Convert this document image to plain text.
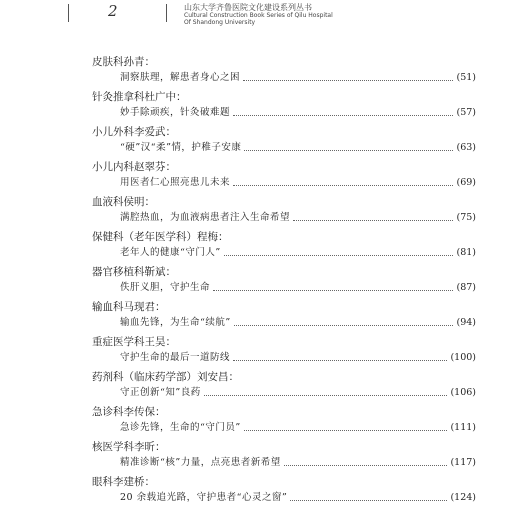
2	山东大学齐鲁医院文化建设系列丛书
Cultural Construction Book Series of Qilu Hospital
Of Shandong University
皮肤科孙青：
洞察肤理，解患者身心之困	(51)
针灸推拿科杜广中：
妙手除顽疾，针灸破难题	(57)
小儿外科李爱武：
“硬”汉“柔”情，护稚子安康	(63)
小儿内科赵翠芬：
用医者仁心照亮患儿未来	(69)
血液科侯明：
满腔热血，为血液病患者注入生命希望	(75)
保健科（老年医学科）程梅：
老年人的健康“守门人”	(81)
器官移植科靳斌：
佚肝义胆，守护生命	(87)
输血科马现君：
输血先锋，为生命“续航”	(94)
重症医学科王昊：
守护生命的最后一道防线	(100)
药剂科（临床药学部）刘安昌：
守正创新“知”良药	(106)
急诊科李传保：
急诊先锋，生命的“守门员”	(111)
核医学科李昕：
精准诊断“核”力量，点亮患者新希望	(117)
眼科李建桥：
20 余载追光路，守护患者“心灵之窗”	(124)
